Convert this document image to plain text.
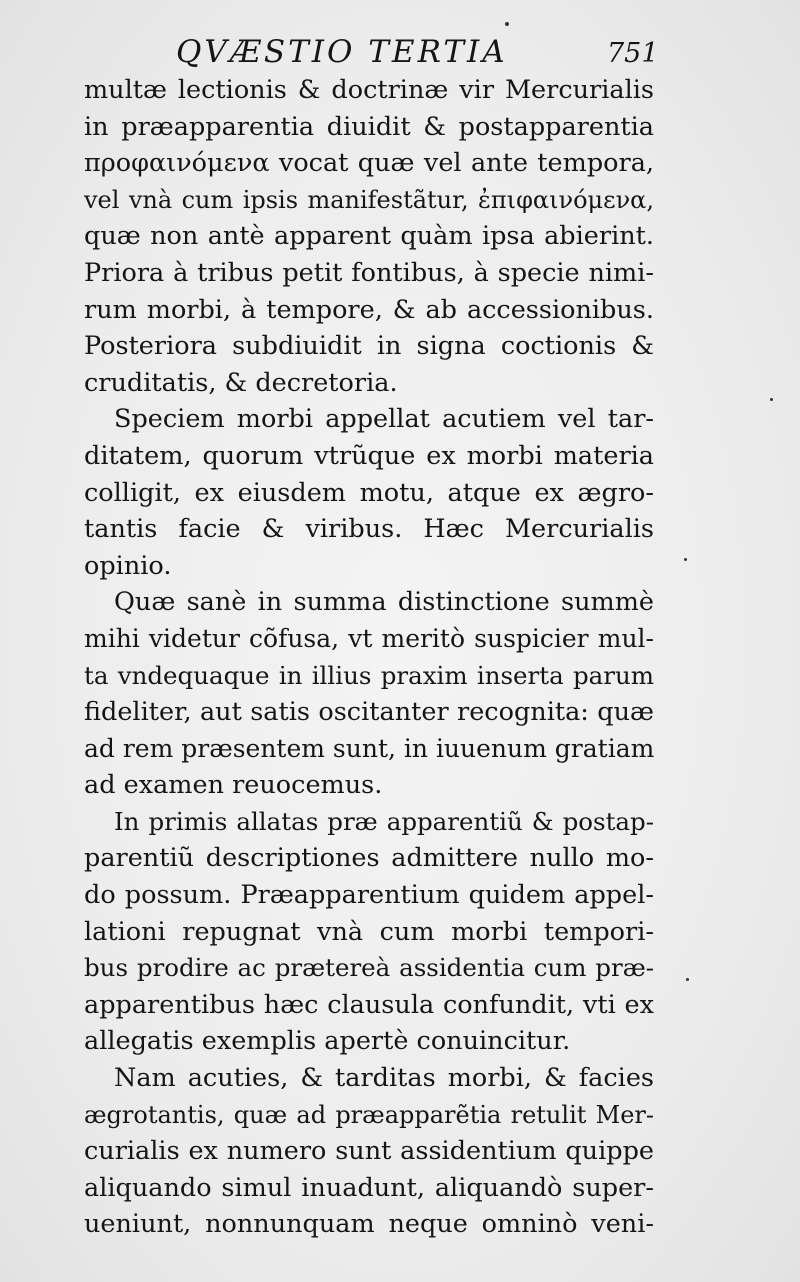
QVÆSTIO TERTIA	751
multæ lectionis & doctrinæ vir Mercurialis
in præapparentia diuidit & postapparentia
προφαινόμενα vocat quæ vel ante tempora,
vel vnà cum ipsis manifestãtur, ἐπιφαινόμενα,
quæ non antè apparent quàm ipsa abierint.
Priora à tribus petit fontibus, à specie nimi-
rum morbi, à tempore, & ab accessionibus.
Posteriora subdiuidit in signa coctionis &
cruditatis, & decretoria.
Speciem morbi appellat acutiem vel tar-
ditatem, quorum vtrũque ex morbi materia
colligit, ex eiusdem motu, atque ex ægro-
tantis facie & viribus. Hæc Mercurialis
opinio.
Quæ sanè in summa distinctione summè
mihi videtur cõfusa, vt meritò suspicier mul-
ta vndequaque in illius praxim inserta parum
fideliter, aut satis oscitanter recognita: quæ
ad rem præsentem sunt, in iuuenum gratiam
ad examen reuocemus.
In primis allatas præ apparentiũ & postap-
parentiũ descriptiones admittere nullo mo-
do possum. Præapparentium quidem appel-
lationi repugnat vnà cum morbi tempori-
bus prodire ac prætereà assidentia cum præ-
apparentibus hæc clausula confundit, vti ex
allegatis exemplis apertè conuincitur.
Nam acuties, & tarditas morbi, & facies
ægrotantis, quæ ad præapparẽtia retulit Mer-
curialis ex numero sunt assidentium quippe
aliquando simul inuadunt, aliquandò super-
ueniunt, nonnunquam neque omninò veni-
